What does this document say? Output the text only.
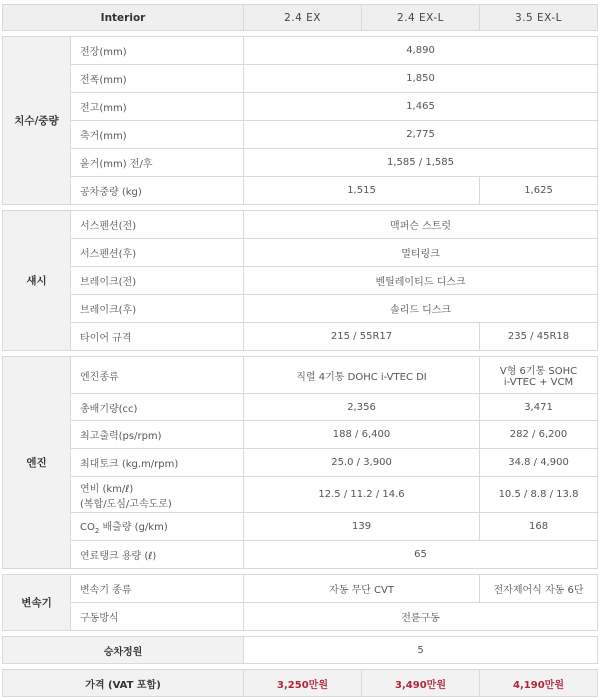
Interior		2.4 EX	2.4 EX-L	3.5 EX-L

치수/중량	전장(mm)	4,890		
	전폭(mm)	1,850		
	전고(mm)	1,465		
	축거(mm)	2,775		
	윤거(mm) 전/후	1,585 / 1,585		
	공차중량 (kg)	1,515		1,625

섀시	서스펜션(전)	맥퍼슨 스트럿		
	서스펜션(후)	멀티링크		
	브레이크(전)	벤틸레이티드 디스크		
	브레이크(후)	솔리드 디스크		
	타이어 규격	215 / 55R17		235 / 45R18

엔진	엔진종류	직렬 4기통 DOHC i-VTEC DI		V형 6기통 SOHC
i-VTEC + VCM

	총배기량(cc)	2,356		3,471
	최고출력(ps/rpm)	188 / 6,400		282 / 6,200
	최대토크 (kg.m/rpm)	25.0 / 3,900		34.8 / 4,900

	연비 (km/ℓ)
(복합/도심/고속도로)	12.5 / 11.2 / 14.6		10.5 / 8.8 / 13.8
	$CO_2$ 배출량 (g/km)	139		168
	연료탱크 용량 (ℓ)	65		

변속기	변속기 종류	자동 무단 CVT		전자제어식 자동 6단
	구동방식	전륜구동		

승차정원		5		

가격 (VAT 포함)		3,250만원	3,490만원	4,190만원
